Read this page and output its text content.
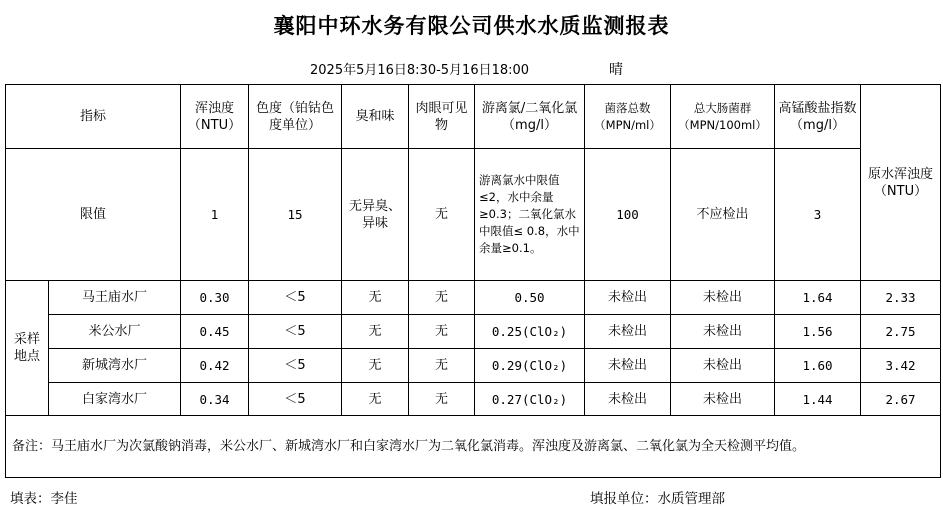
襄阳中环水务有限公司供水水质监测报表
2025年5月16日8:30-5月16日18:00	晴
指标		浑浊度（NTU）	色度（铂钴色度单位）	臭和味	肉眼可见物	游离氯/二氧化氯（mg/l）	菌落总数（MPN/ml）	总大肠菌群（MPN/100ml）	高锰酸盐指数（mg/l）	原水浑浊度（NTU）
限值		1	15	无异臭、异味	无	游离氯水中限值 ≤2，水中余量≥0.3；二氧化氯水中限值≤ 0.8，水中余量≥0.1。	100	不应检出	3	
采样地点	马王庙水厂	0.30	＜5	无	无	0.50	未检出	未检出	1.64	2.33
	米公水厂	0.45	＜5	无	无	0.25(ClO₂)	未检出	未检出	1.56	2.75
	新城湾水厂	0.42	＜5	无	无	0.29(ClO₂)	未检出	未检出	1.60	3.42
	白家湾水厂	0.34	＜5	无	无	0.27(ClO₂)	未检出	未检出	1.44	2.67
备注：马王庙水厂为次氯酸钠消毒，米公水厂、新城湾水厂和白家湾水厂为二氧化氯消毒。浑浊度及游离氯、二氧化氯为全天检测平均值。										
填表：李佳	填报单位：水质管理部
